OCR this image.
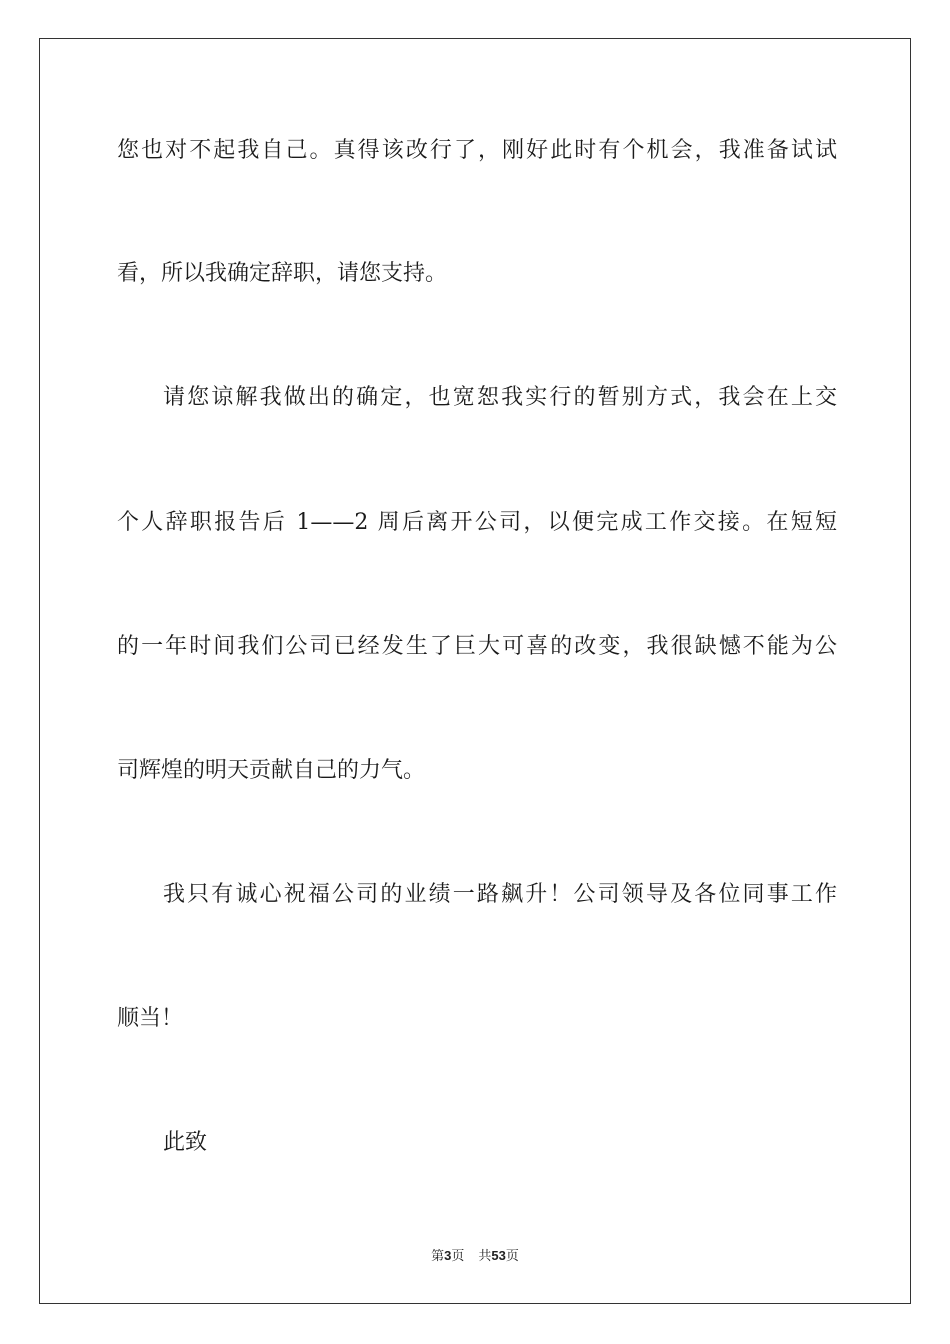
您也对不起我自己。真得该改行了，刚好此时有个机会，我准备试试
看，所以我确定辞职，请您支持。
请您谅解我做出的确定，也宽恕我实行的暂别方式，我会在上交
个人辞职报告后 1——2 周后离开公司，以便完成工作交接。在短短
的一年时间我们公司已经发生了巨大可喜的改变，我很缺憾不能为公
司辉煌的明天贡献自己的力气。
我只有诚心祝福公司的业绩一路飙升！公司领导及各位同事工作
顺当！
此致
第3页 共53页
